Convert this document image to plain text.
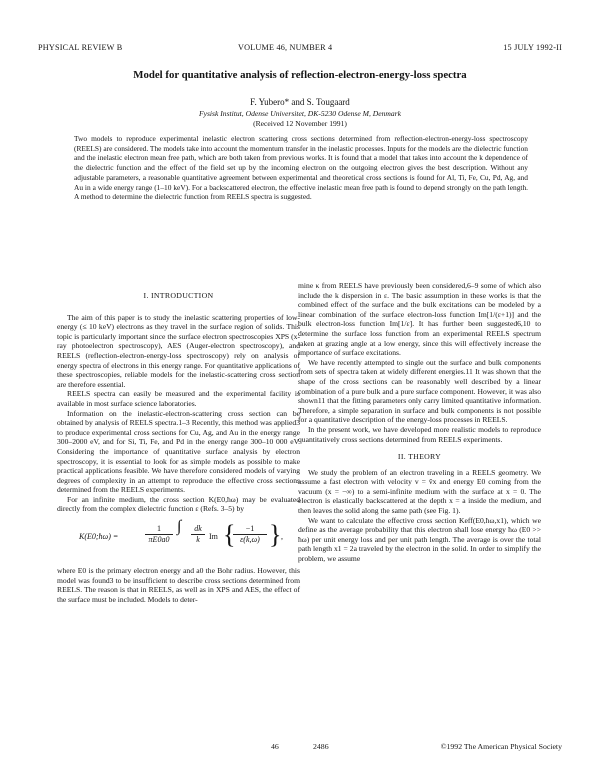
PHYSICAL REVIEW B	VOLUME 46, NUMBER 4	15 JULY 1992-II
Model for quantitative analysis of reflection-electron-energy-loss spectra
F. Yubero* and S. Tougaard
Fysisk Institut, Odense Universitet, DK-5230 Odense M, Denmark
(Received 12 November 1991)
Two models to reproduce experimental inelastic electron scattering cross sections determined from reflection-electron-energy-loss spectroscopy (REELS) are considered. The models take into account the momentum transfer in the inelastic processes. Inputs for the models are the dielectric function and the inelastic electron mean free path, which are both taken from previous works. It is found that a model that takes into account the k dependence of the dielectric function and the effect of the field set up by the incoming electron on the outgoing electron gives the best description. Without any adjustable parameters, a reasonable quantitative agreement between experimental and theoretical cross sections is found for Al, Ti, Fe, Cu, Pd, Ag, and Au in a wide energy range (1–10 keV). For a backscattered electron, the effective inelastic mean free path is found to depend strongly on the path length. A method to determine the dielectric function from REELS spectra is suggested.
I. INTRODUCTION

The aim of this paper is to study the inelastic scattering properties of low-energy (≤ 10 keV) electrons as they travel in the surface region of solids. This topic is particularly important since the surface electron spectroscopies XPS (x-ray photoelectron spectroscopy), AES (Auger-electron spectroscopy), and REELS (reflection-electron-energy-loss spectroscopy) rely on analysis of energy spectra of electrons in this energy range. For quantitative applications of these spectroscopies, reliable models for the inelastic-scattering cross section are therefore essential.

REELS spectra can easily be measured and the experimental facility is available in most surface science laboratories.

Information on the inelastic-electron-scattering cross section can be obtained by analysis of REELS spectra.1–3 Recently, this method was applied3 to produce experimental cross sections for Cu, Ag, and Au in the energy range 300–2000 eV, and for Si, Ti, Fe, and Pd in the energy range 300–10 000 eV. Considering the importance of quantitative surface analysis by electron spectroscopy, it is essential to look for as simple models as possible to make practical applications feasible. We have therefore considered models of varying degrees of complexity in an attempt to reproduce the effective cross sections determined from the REELS experiments.

For an infinite medium, the cross section K(E0,ħω) may be evaluated directly from the complex dielectric function ε (Refs. 3–5) by

K(E0;ħω) =	$\frac{1}{\pi E0a0}$ ∫ $\frac{dk}{k}$ Im {
$\frac{-1}{\varepsilon(k,\omega)}$ } ,

where E0 is the primary electron energy and a0 the Bohr radius. However, this model was found3 to be insufficient to describe cross sections determined from REELS. The reason is that in REELS, as well as in XPS and AES, the effect of the surface must be included. Models to deter-

mine κ from REELS have previously been considered,6–9 some of which also include the k dispersion in ε. The basic assumption in these works is that the combined effect of the surface and the bulk excitations can be modeled by a linear combination of the surface electron-loss function Im[1/(ε+1)] and the bulk electron-loss function Im[1/ε]. It has further been suggested6,10 to determine the surface loss function from an experimental REELS spectrum taken at grazing angle at a low energy, since this will effectively increase the importance of surface excitations.

We have recently attempted to single out the surface and bulk components from sets of spectra taken at widely different energies.11 It was shown that the shape of the cross sections can be reasonably well described by a linear combination of a pure bulk and a pure surface component. However, it was also shown11 that the fitting parameters only carry limited quantitative information. Therefore, a simple separation in surface and bulk components is not possible for a quantitative description of the energy-loss processes in REELS.

In the present work, we have developed more realistic models to reproduce quantitatively cross sections determined from REELS experiments.

II. THEORY

We study the problem of an electron traveling in a REELS geometry. We assume a fast electron with velocity v = v̂x and energy E0 coming from the vacuum (x = −∞) to a semi-infinite medium with the surface at x = 0. The electron is elastically backscattered at the depth x = a inside the medium, and then leaves the solid along the same path (see Fig. 1).

We want to calculate the effective cross section Keff(E0,ħω,x1), which we define as the average probability that this electron shall lose energy ħω (E0 >> ħω) per unit energy loss and per unit path length. The average is over the total path length x1 = 2a traveled by the electron in the solid. In order to simplify the problem, we assume

46	2486	©1992 The American Physical Society
